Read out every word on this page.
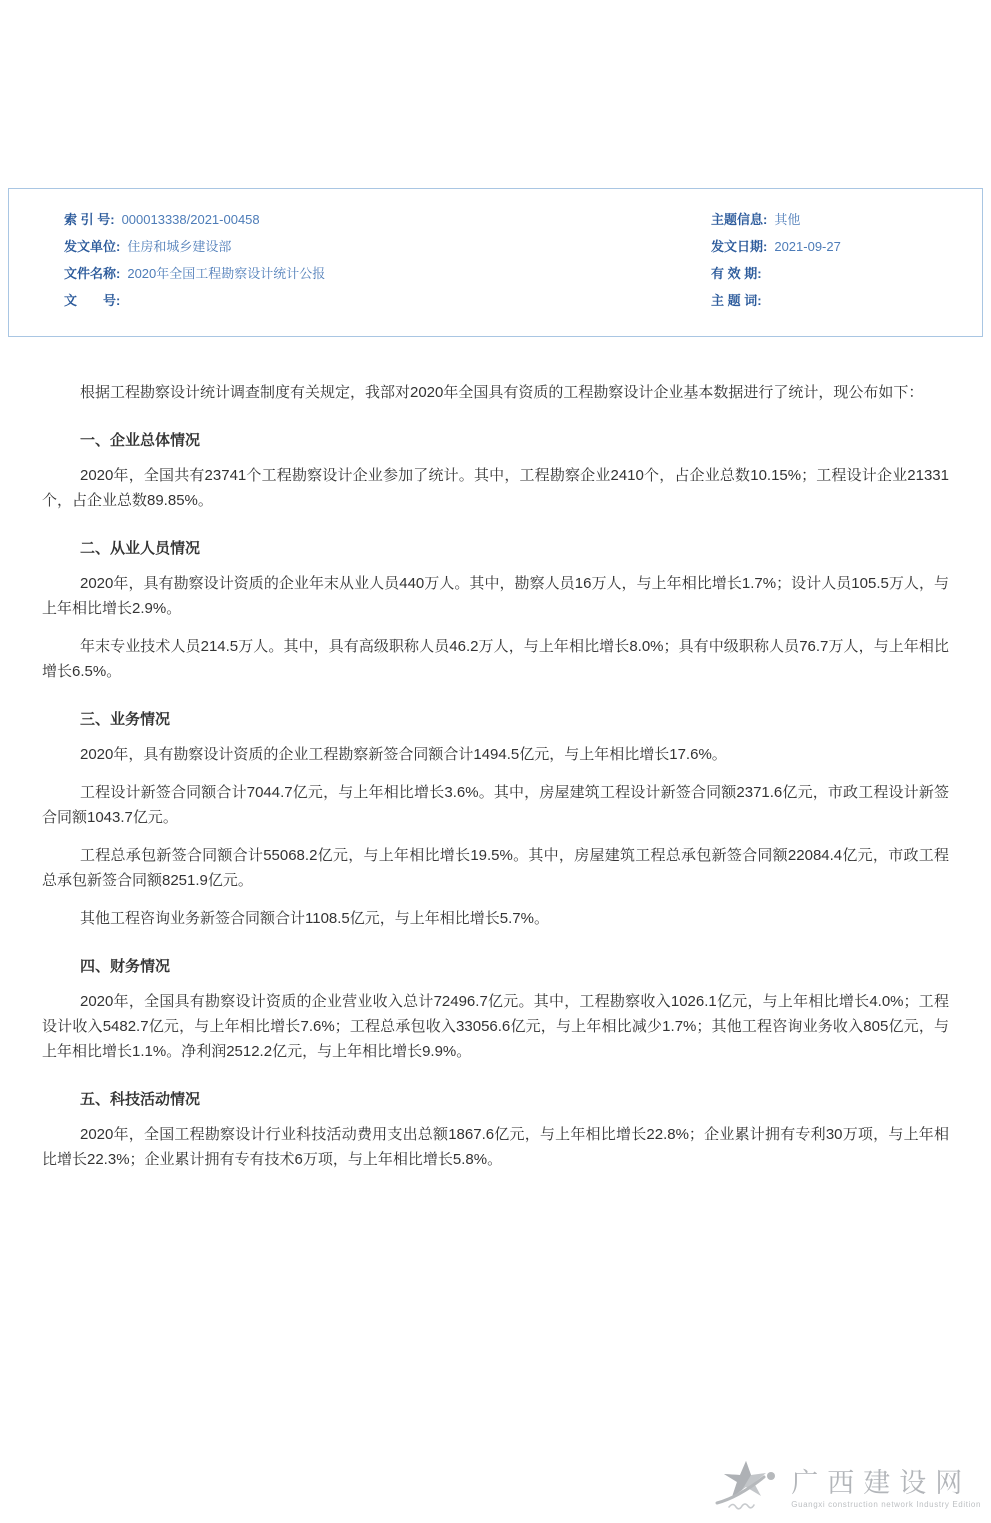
索 引 号: 000013338/2021-00458
发文单位: 住房和城乡建设部
文件名称: 2020年全国工程勘察设计统计公报
文　　号:
主题信息: 其他
发文日期: 2021-09-27
有 效 期:
主 题 词:

根据工程勘察设计统计调查制度有关规定，我部对2020年全国具有资质的工程勘察设计企业基本数据进行了统计，现公布如下：

一、企业总体情况

2020年，全国共有23741个工程勘察设计企业参加了统计。其中，工程勘察企业2410个，占企业总数10.15%；工程设计企业21331个，占企业总数89.85%。

二、从业人员情况

2020年，具有勘察设计资质的企业年末从业人员440万人。其中，勘察人员16万人，与上年相比增长1.7%；设计人员105.5万人，与上年相比增长2.9%。

年末专业技术人员214.5万人。其中，具有高级职称人员46.2万人，与上年相比增长8.0%；具有中级职称人员76.7万人，与上年相比增长6.5%。

三、业务情况

2020年，具有勘察设计资质的企业工程勘察新签合同额合计1494.5亿元，与上年相比增长17.6%。

工程设计新签合同额合计7044.7亿元，与上年相比增长3.6%。其中，房屋建筑工程设计新签合同额2371.6亿元，市政工程设计新签合同额1043.7亿元。

工程总承包新签合同额合计55068.2亿元，与上年相比增长19.5%。其中，房屋建筑工程总承包新签合同额22084.4亿元，市政工程总承包新签合同额8251.9亿元。

其他工程咨询业务新签合同额合计1108.5亿元，与上年相比增长5.7%。

四、财务情况

2020年，全国具有勘察设计资质的企业营业收入总计72496.7亿元。其中，工程勘察收入1026.1亿元，与上年相比增长4.0%；工程设计收入5482.7亿元，与上年相比增长7.6%；工程总承包收入33056.6亿元，与上年相比减少1.7%；其他工程咨询业务收入805亿元，与上年相比增长1.1%。净利润2512.2亿元，与上年相比增长9.9%。

五、科技活动情况

2020年，全国工程勘察设计行业科技活动费用支出总额1867.6亿元，与上年相比增长22.8%；企业累计拥有专利30万项，与上年相比增长22.3%；企业累计拥有专有技术6万项，与上年相比增长5.8%。

广西建设网
Guangxi construction network Industry Edition
